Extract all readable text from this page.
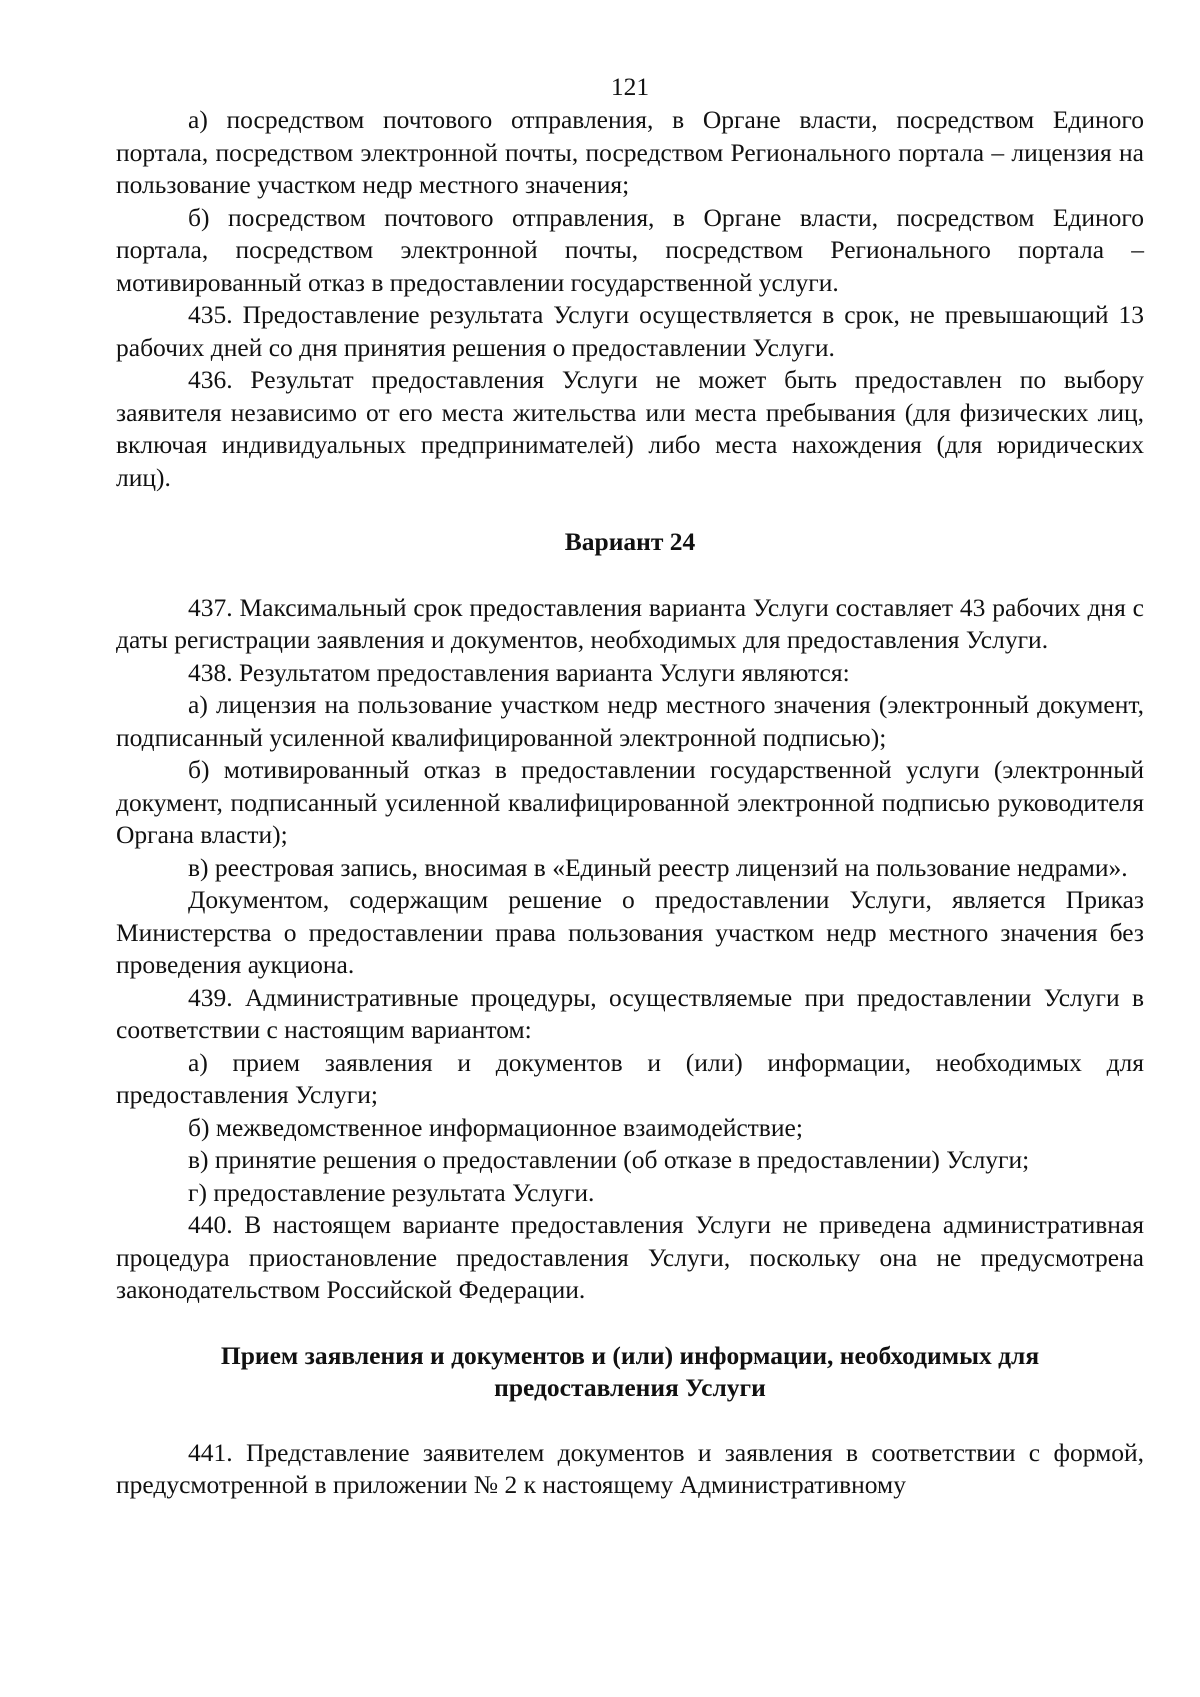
121

а) посредством почтового отправления, в Органе власти, посредством Единого портала, посредством электронной почты, посредством Регионального портала – лицензия на пользование участком недр местного значения;

б) посредством почтового отправления, в Органе власти, посредством Единого портала, посредством электронной почты, посредством Регионального портала – мотивированный отказ в предоставлении государственной услуги.

435. Предоставление результата Услуги осуществляется в срок, не превышающий 13 рабочих дней со дня принятия решения о предоставлении Услуги.

436. Результат предоставления Услуги не может быть предоставлен по выбору заявителя независимо от его места жительства или места пребывания (для физических лиц, включая индивидуальных предпринимателей) либо места нахождения (для юридических лиц).

Вариант 24

437. Максимальный срок предоставления варианта Услуги составляет 43 рабочих дня с даты регистрации заявления и документов, необходимых для предоставления Услуги.

438. Результатом предоставления варианта Услуги являются:

а) лицензия на пользование участком недр местного значения (электронный документ, подписанный усиленной квалифицированной электронной подписью);

б) мотивированный отказ в предоставлении государственной услуги (электронный документ, подписанный усиленной квалифицированной электронной подписью руководителя Органа власти);

в) реестровая запись, вносимая в «Единый реестр лицензий на пользование недрами».

Документом, содержащим решение о предоставлении Услуги, является Приказ Министерства о предоставлении права пользования участком недр местного значения без проведения аукциона.

439. Административные процедуры, осуществляемые при предоставлении Услуги в соответствии с настоящим вариантом:

а) прием заявления и документов и (или) информации, необходимых для предоставления Услуги;

б) межведомственное информационное взаимодействие;

в) принятие решения о предоставлении (об отказе в предоставлении) Услуги;

г) предоставление результата Услуги.

440. В настоящем варианте предоставления Услуги не приведена административная процедура приостановление предоставления Услуги, поскольку она не предусмотрена законодательством Российской Федерации.

Прием заявления и документов и (или) информации, необходимых для предоставления Услуги

441. Представление заявителем документов и заявления в соответствии с формой, предусмотренной в приложении № 2 к настоящему Административному
